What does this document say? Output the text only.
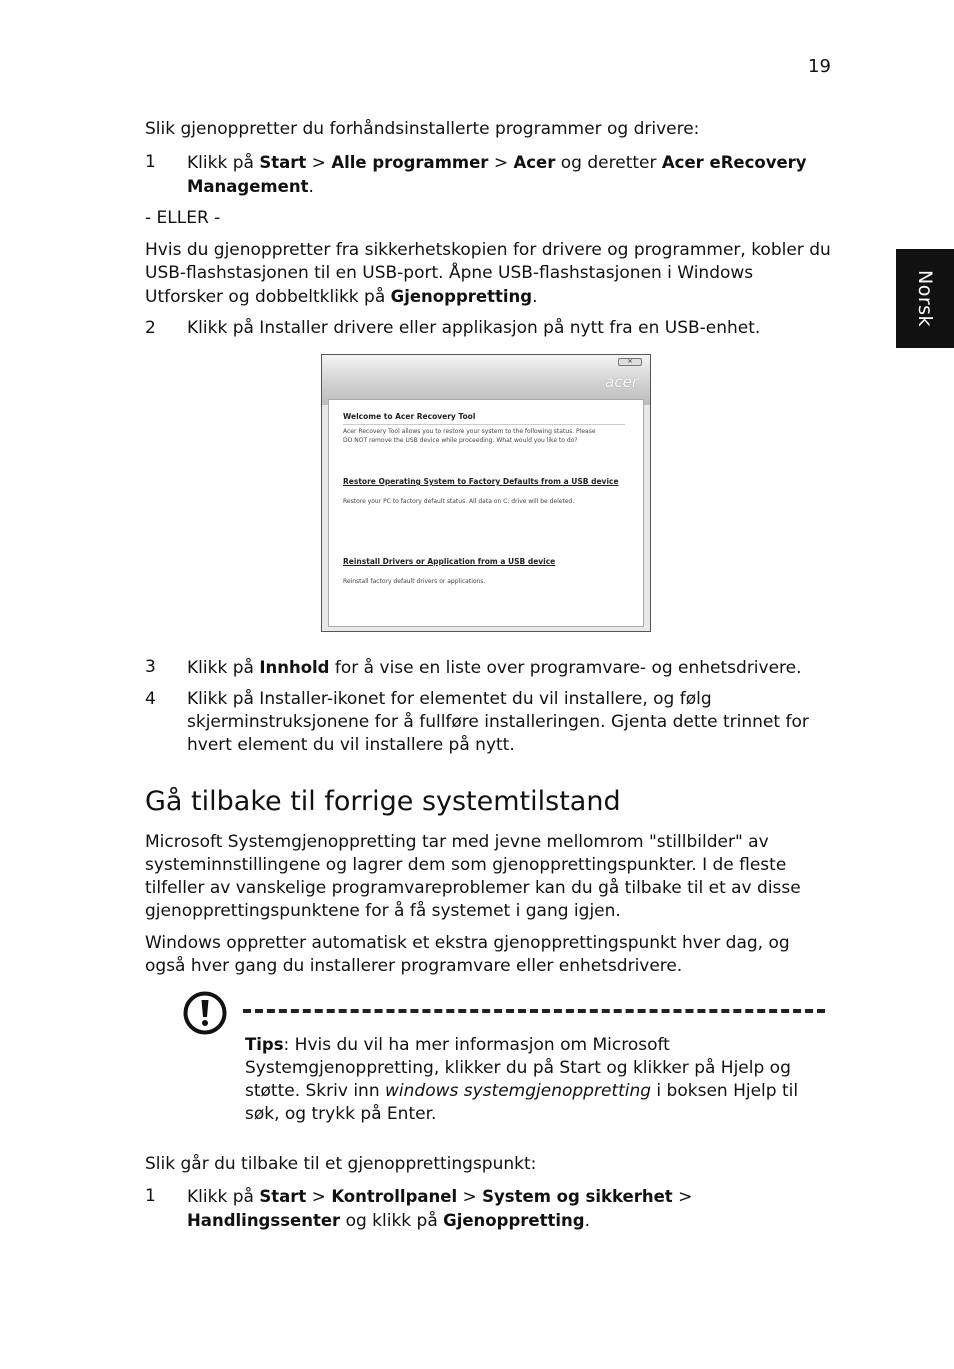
19
Norsk

Slik gjenoppretter du forhåndsinstallerte programmer og drivere:

1 Klikk på Start > Alle programmer > Acer og deretter Acer eRecovery Management.

- ELLER -

Hvis du gjenoppretter fra sikkerhetskopien for drivere og programmer, kobler du USB-flashstasjonen til en USB-port. Åpne USB-flashstasjonen i Windows Utforsker og dobbeltklikk på Gjenoppretting.

2 Klikk på Installer drivere eller applikasjon på nytt fra en USB-enhet.

✕
acer
Welcome to Acer Recovery Tool
Acer Recovery Tool allows you to restore your system to the following status. Please
DO NOT remove the USB device while proceeding. What would you like to do?
Restore Operating System to Factory Defaults from a USB device
Restore your PC to factory default status. All data on C: drive will be deleted.
Reinstall Drivers or Application from a USB device
Reinstall factory default drivers or applications.
3 Klikk på Innhold for å vise en liste over programvare- og enhetsdrivere.

4 Klikk på Installer-ikonet for elementet du vil installere, og følg skjerminstruksjonene for å fullføre installeringen. Gjenta dette trinnet for hvert element du vil installere på nytt.

Gå tilbake til forrige systemtilstand

Microsoft Systemgjenoppretting tar med jevne mellomrom "stillbilder" av systeminnstillingene og lagrer dem som gjenopprettingspunkter. I de fleste tilfeller av vanskelige programvareproblemer kan du gå tilbake til et av disse gjenopprettingspunktene for å få systemet i gang igjen.

Windows oppretter automatisk et ekstra gjenopprettingspunkt hver dag, og også hver gang du installerer programvare eller enhetsdrivere.

Tips: Hvis du vil ha mer informasjon om Microsoft Systemgjenoppretting, klikker du på Start og klikker på Hjelp og støtte. Skriv inn windows systemgjenoppretting i boksen Hjelp til søk, og trykk på Enter.

Slik går du tilbake til et gjenopprettingspunkt:

1 Klikk på Start > Kontrollpanel > System og sikkerhet > Handlingssenter og klikk på Gjenoppretting.
